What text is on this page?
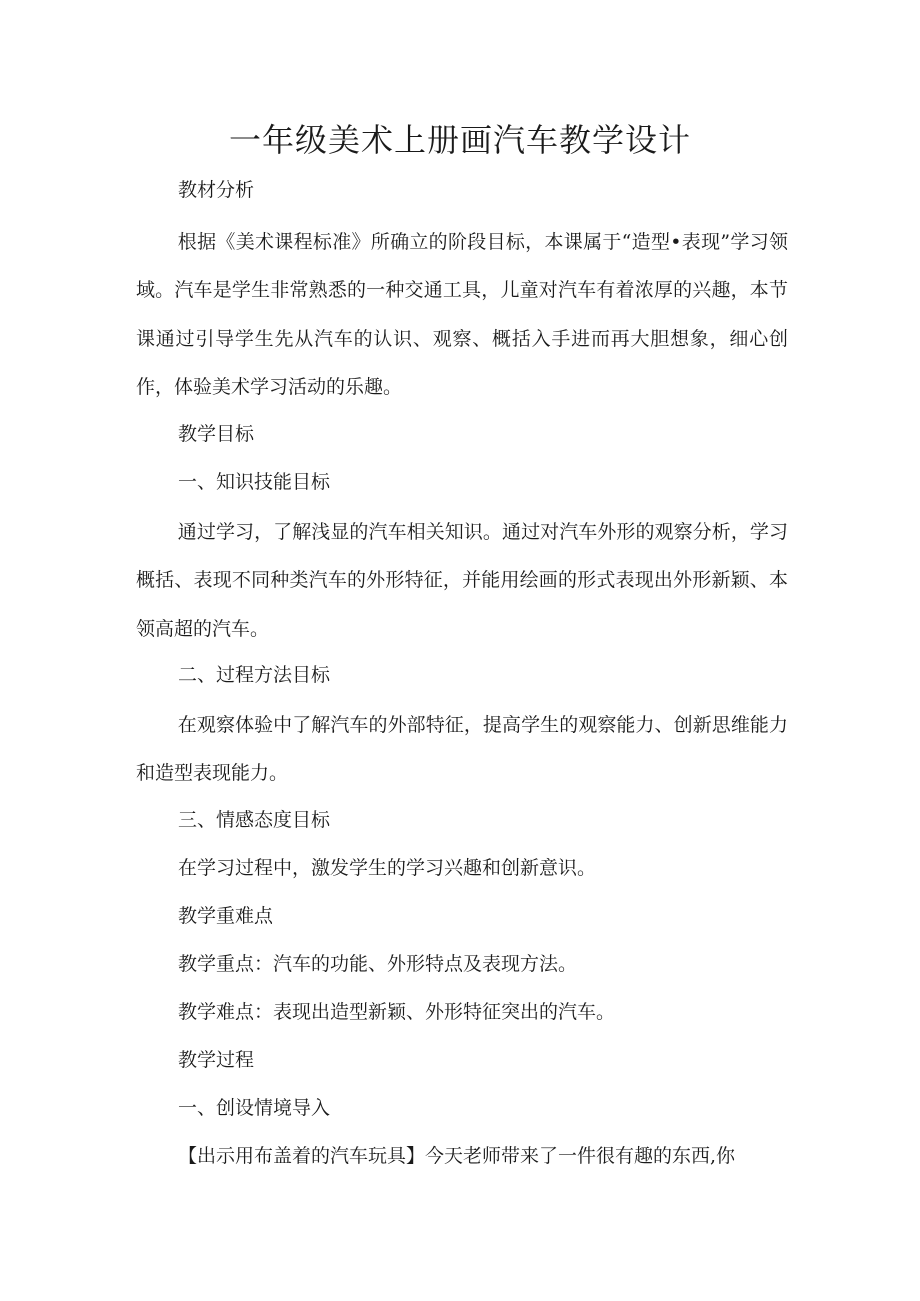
一年级美术上册画汽车教学设计

教材分析

根据《美术课程标准》所确立的阶段目标，本课属于“造型•表现”学习领域。汽车是学生非常熟悉的一种交通工具，儿童对汽车有着浓厚的兴趣，本节课通过引导学生先从汽车的认识、观察、概括入手进而再大胆想象，细心创作，体验美术学习活动的乐趣。

教学目标

一、知识技能目标

通过学习，了解浅显的汽车相关知识。通过对汽车外形的观察分析，学习概括、表现不同种类汽车的外形特征，并能用绘画的形式表现出外形新颖、本领高超的汽车。

二、过程方法目标

在观察体验中了解汽车的外部特征，提高学生的观察能力、创新思维能力和造型表现能力。

三、情感态度目标

在学习过程中，激发学生的学习兴趣和创新意识。

教学重难点

教学重点：汽车的功能、外形特点及表现方法。

教学难点：表现出造型新颖、外形特征突出的汽车。

教学过程

一、创设情境导入

【出示用布盖着的汽车玩具】今天老师带来了一件很有趣的东西,你
